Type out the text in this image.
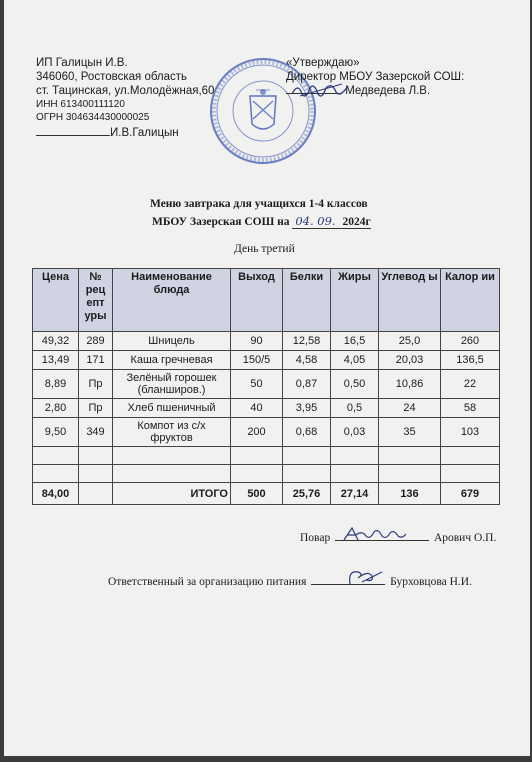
ИП Галицын И.В.
346060, Ростовская область
ст. Тацинская, ул.Молодёжная,60
ИНН 613400111120
ОГРН 304634430000025
И.В.Галицын
«Утверждаю»
Директор МБОУ Зазерской СОШ:
Медведева Л.В.
Меню завтрака для учащихся 1-4 классов
МБОУ Зазерская СОШ на 04. 09. 2024г
День третий
Цена	№ рец епт уры	Наименование блюда	Выход	Белки	Жиры	Углевод ы	Калор ии
49,32	289	Шницель	90	12,58	16,5	25,0	260
13,49	171	Каша гречневая	150/5	4,58	4,05	20,03	136,5
8,89	Пр	Зелёный горошек (бланширов.)	50	0,87	0,50	10,86	22
2,80	Пр	Хлеб пшеничный	40	3,95	0,5	24	58
9,50	349	Компот из с/х фруктов	200	0,68	0,03	35	103

84,00		ИТОГО	500	25,76	27,14	136	679
Повар	Арович О.П.
Ответственный за организацию питания	Бурховцова Н.И.
